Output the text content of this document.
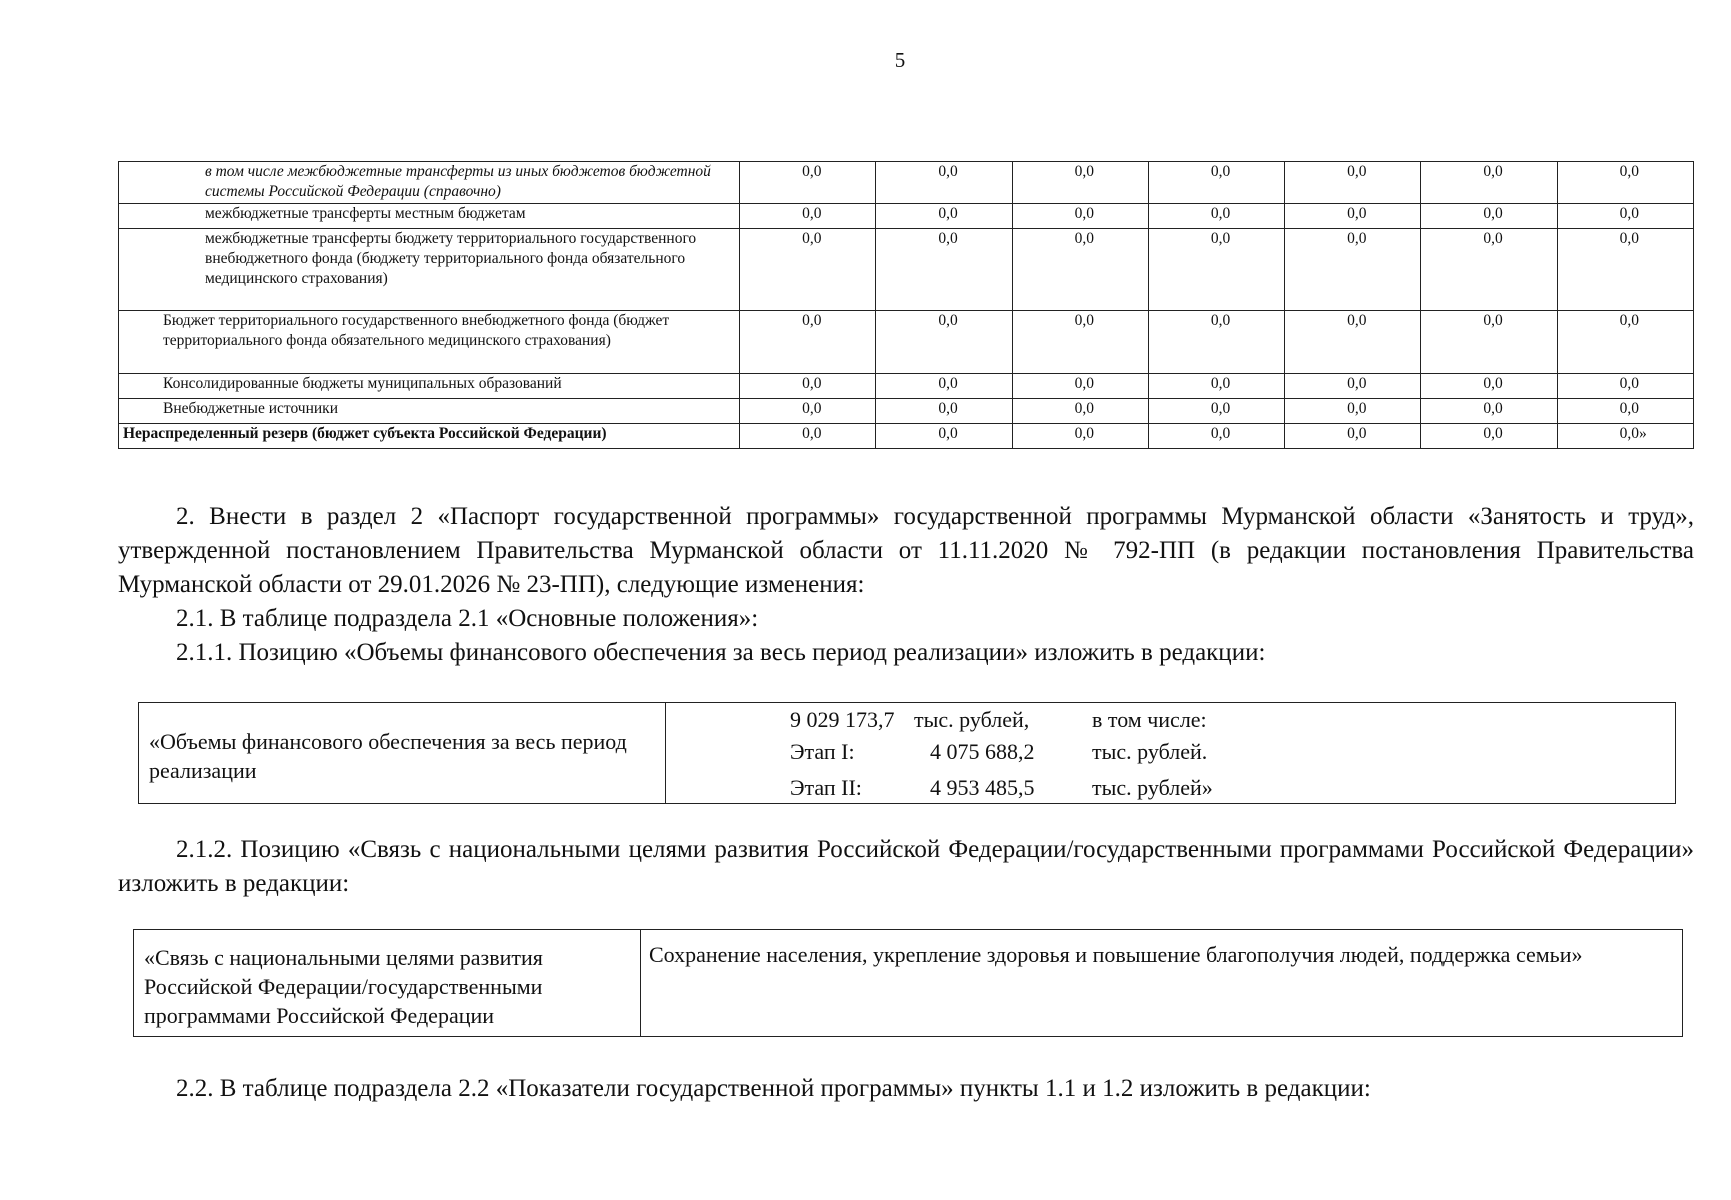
5
в том числе межбюджетные трансферты из иных бюджетов бюджетной системы Российской Федерации (справочно)	0,0	0,0	0,0	0,0	0,0	0,0	0,0
межбюджетные трансферты местным бюджетам	0,0	0,0	0,0	0,0	0,0	0,0	0,0
межбюджетные трансферты бюджету территориального государственного внебюджетного фонда (бюджету территориального фонда обязательного медицинского страхования)	0,0	0,0	0,0	0,0	0,0	0,0	0,0
Бюджет территориального государственного внебюджетного фонда (бюджет территориального фонда обязательного медицинского страхования)	0,0	0,0	0,0	0,0	0,0	0,0	0,0
Консолидированные бюджеты муниципальных образований	0,0	0,0	0,0	0,0	0,0	0,0	0,0
Внебюджетные источники	0,0	0,0	0,0	0,0	0,0	0,0	0,0
Нераспределенный резерв (бюджет субъекта Российской Федерации)	0,0	0,0	0,0	0,0	0,0	0,0	0,0»

2. Внести в раздел 2 «Паспорт государственной программы» государственной программы Мурманской области «Занятость и труд», утвержденной постановлением Правительства Мурманской области от 11.11.2020 № 792-ПП (в редакции постановления Правительства Мурманской области от 29.01.2026 № 23-ПП), следующие изменения:

2.1. В таблице подраздела 2.1 «Основные положения»:

2.1.1. Позицию «Объемы финансового обеспечения за весь период реализации» изложить в редакции:

«Объемы финансового обеспечения за весь период реализации
9 029 173,7 тыс. рублей,	в том числе:
Этап I:	4 075 688,2	тыс. рублей.
Этап II:	4 953 485,5	тыс. рублей»

2.1.2. Позицию «Связь с национальными целями развития Российской Федерации/государственными программами Российской Федерации» изложить в редакции:

«Связь с национальными целями развития Российской Федерации/государственными программами Российской Федерации
Сохранение населения, укрепление здоровья и повышение благополучия людей, поддержка семьи»

2.2. В таблице подраздела 2.2 «Показатели государственной программы» пункты 1.1 и 1.2 изложить в редакции:
